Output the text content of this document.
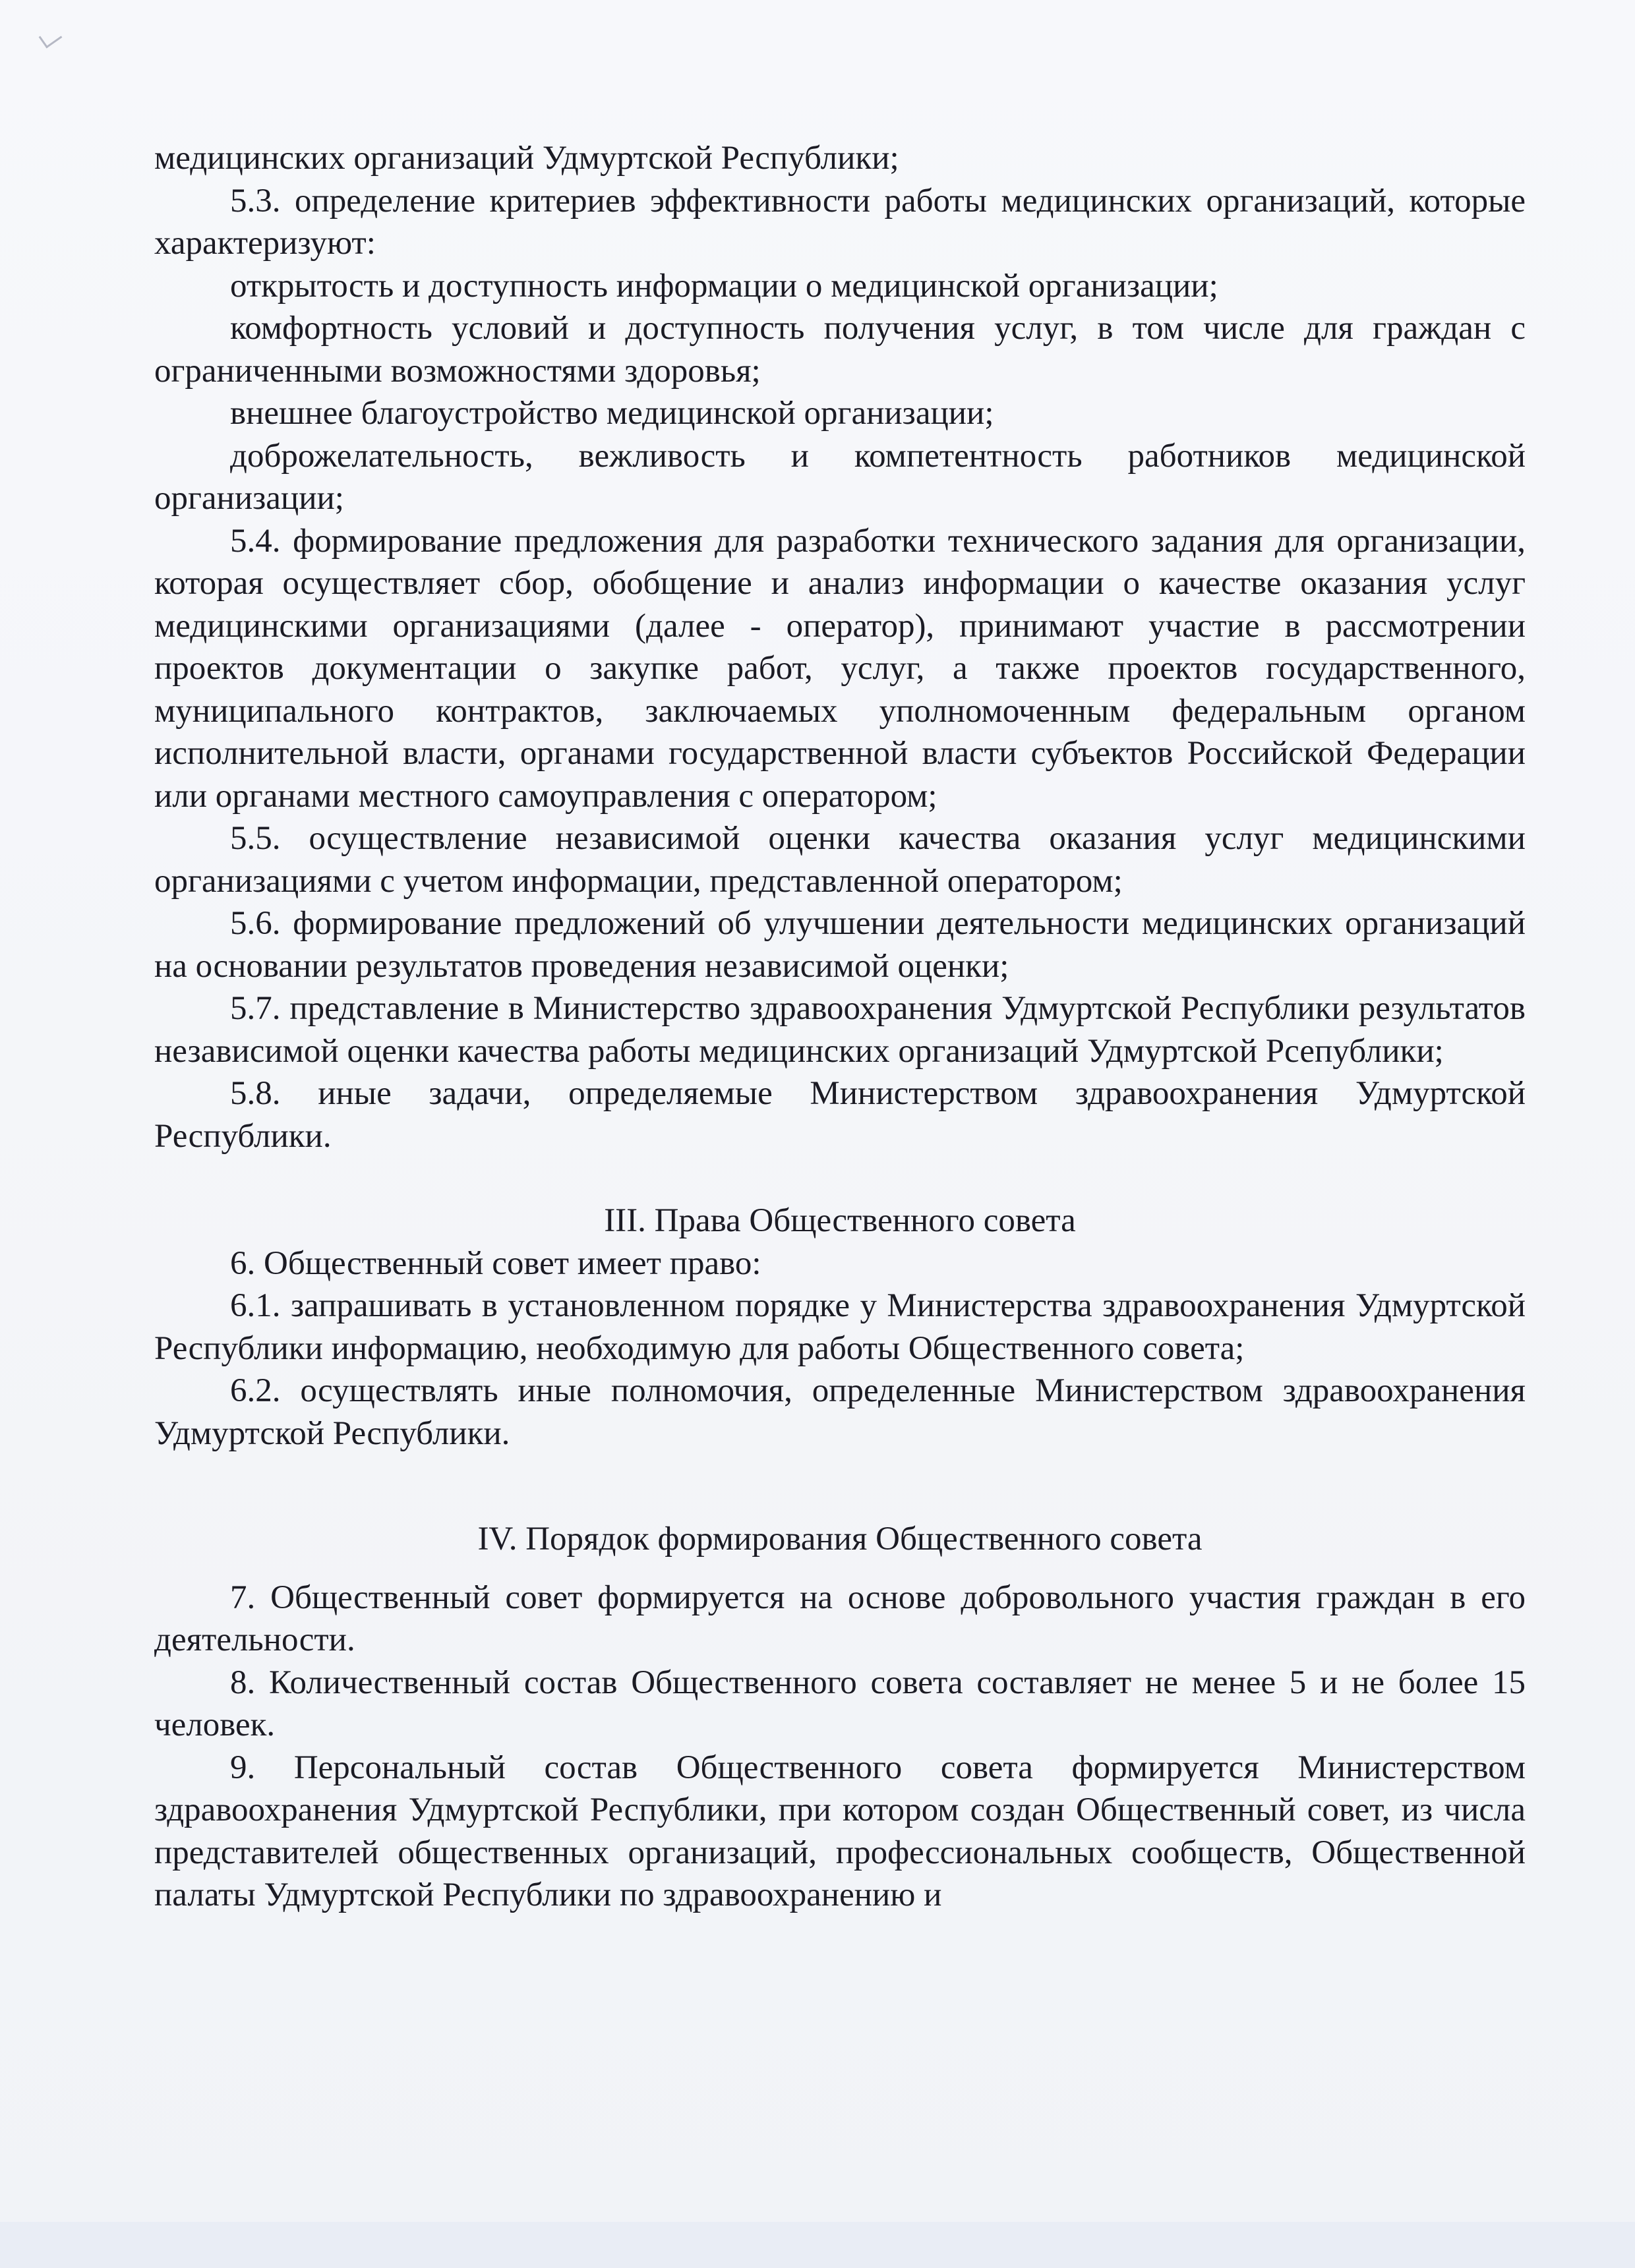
медицинских организаций Удмуртской Республики;

5.3. определение критериев эффективности работы медицинских организаций, которые характеризуют:

открытость и доступность информации о медицинской организации;

комфортность условий и доступность получения услуг, в том числе для граждан с ограниченными возможностями здоровья;

внешнее благоустройство медицинской организации;

доброжелательность, вежливость и компетентность работников медицинской организации;

5.4. формирование предложения для разработки технического задания для организации, которая осуществляет сбор, обобщение и анализ информации о качестве оказания услуг медицинскими организациями (далее - оператор), принимают участие в рассмотрении проектов документации о закупке работ, услуг, а также проектов государственного, муниципального контрактов, заключаемых уполномоченным федеральным органом исполнительной власти, органами государственной власти субъектов Российской Федерации или органами местного самоуправления с оператором;

5.5. осуществление независимой оценки качества оказания услуг медицинскими организациями с учетом информации, представленной оператором;

5.6. формирование предложений об улучшении деятельности медицинских организаций на основании результатов проведения независимой оценки;

5.7. представление в Министерство здравоохранения Удмуртской Республики результатов независимой оценки качества работы медицинских организаций Удмуртской Рсепублики;

5.8. иные задачи, определяемые Министерством здравоохранения Удмуртской Республики.

III. Права Общественного совета

6. Общественный совет имеет право:

6.1. запрашивать в установленном порядке у Министерства здравоохранения Удмуртской Республики информацию, необходимую для работы Общественного совета;

6.2. осуществлять иные полномочия, определенные Министерством здравоохранения Удмуртской Республики.

IV. Порядок формирования Общественного совета

7. Общественный совет формируется на основе добровольного участия граждан в его деятельности.

8. Количественный состав Общественного совета составляет не менее 5 и не более 15 человек.

9. Персональный состав Общественного совета формируется Министерством здравоохранения Удмуртской Республики, при котором создан Общественный совет, из числа представителей общественных организаций, профессиональных сообществ, Общественной палаты Удмуртской Республики по здравоохранению и
